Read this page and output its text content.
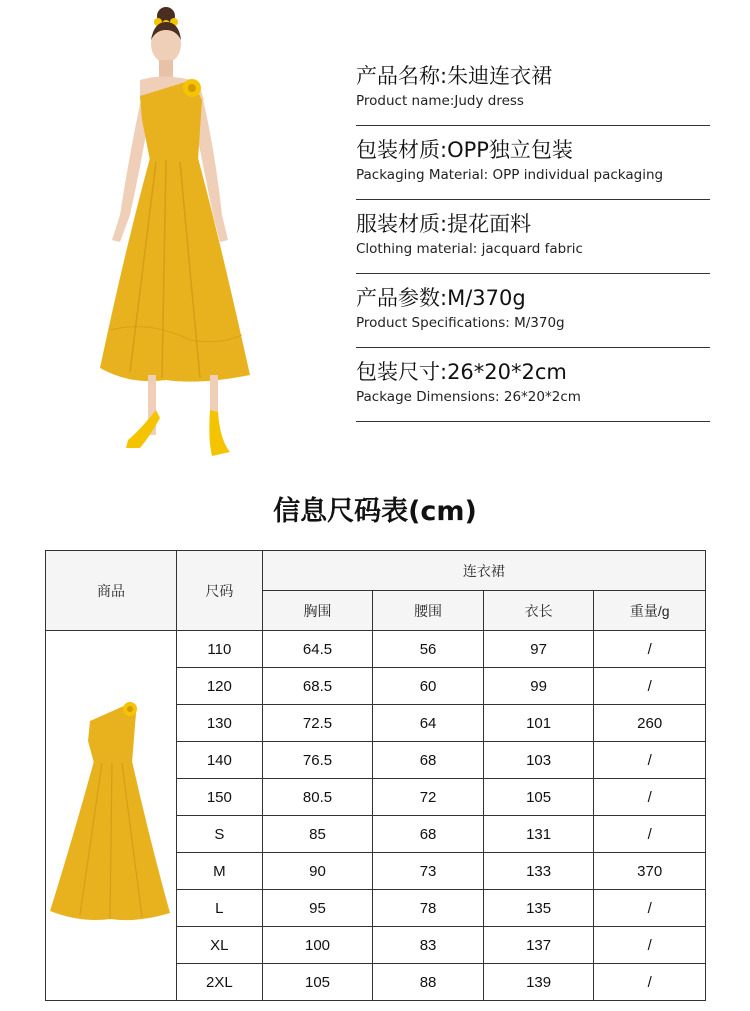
产品名称:朱迪连衣裙
Product name:Judy dress
包装材质:OPP独立包装
Packaging Material: OPP individual packaging
服装材质:提花面料
Clothing material: jacquard fabric
产品参数:M/370g
Product Specifications: M/370g
包装尺寸:26*20*2cm
Package Dimensions: 26*20*2cm
信息尺码表(cm)
商品	尺码	连衣裙			
		胸围	腰围	衣长	重量/g

	110	64.5	56	97	/
	120	68.5	60	99	/
	130	72.5	64	101	260
	140	76.5	68	103	/
	150	80.5	72	105	/
	S	85	68	131	/
	M	90	73	133	370
	L	95	78	135	/
	XL	100	83	137	/
	2XL	105	88	139	/
